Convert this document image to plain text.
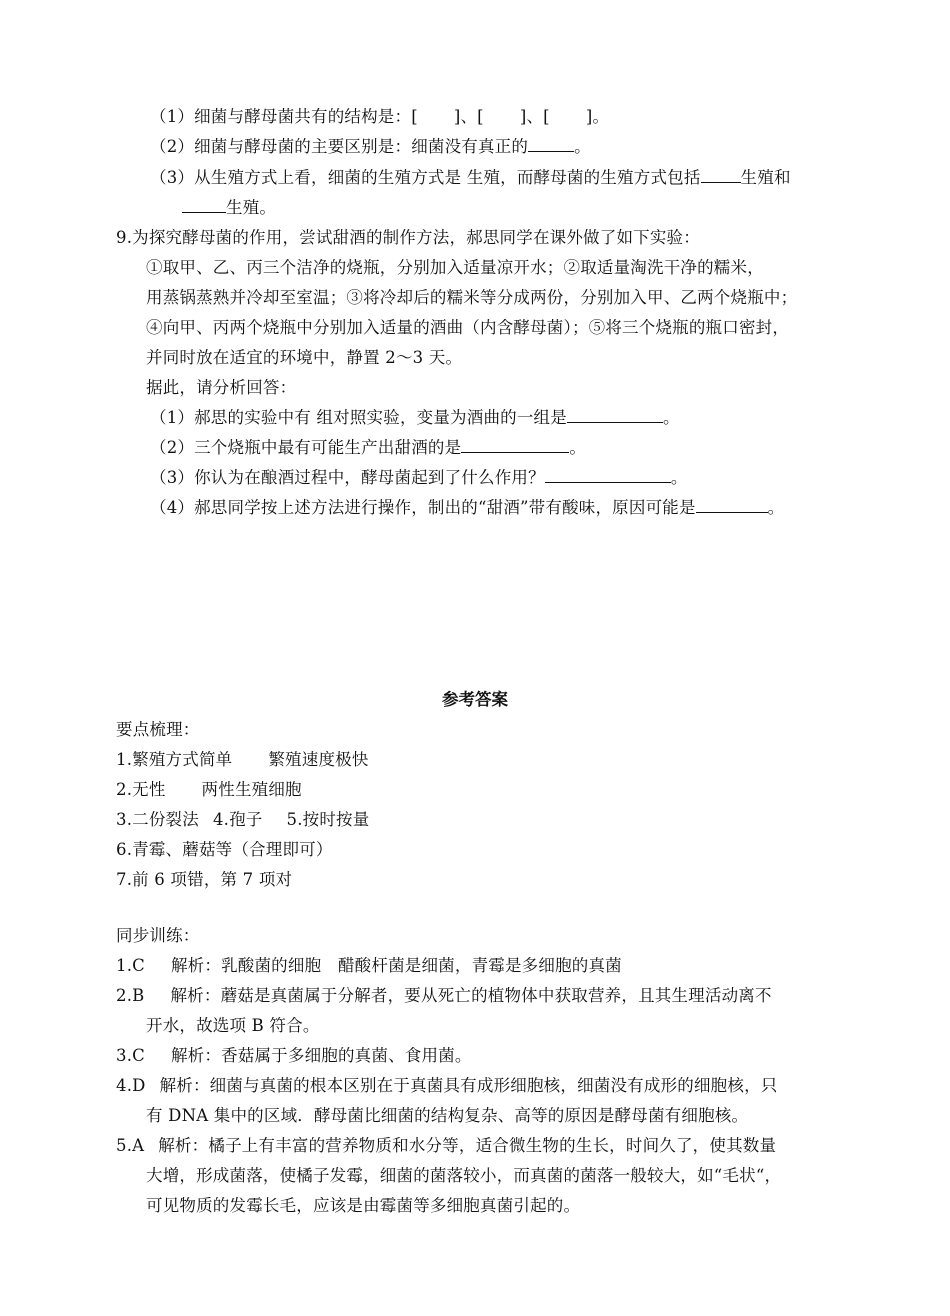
（1）细菌与酵母菌共有的结构是：[ ]、[ ]、[ ]。
（2）细菌与酵母菌的主要区别是：细菌没有真正的	。
（3）从生殖方式上看，细菌的生殖方式是 生殖，而酵母菌的生殖方式包括 生殖和
生殖。
9.为探究酵母菌的作用，尝试甜酒的制作方法，郝思同学在课外做了如下实验：
①取甲、乙、丙三个洁净的烧瓶，分别加入适量凉开水；②取适量淘洗干净的糯米，
用蒸锅蒸熟并冷却至室温；③将冷却后的糯米等分成两份，分别加入甲、乙两个烧瓶中；
④向甲、丙两个烧瓶中分别加入适量的酒曲（内含酵母菌）；⑤将三个烧瓶的瓶口密封，
并同时放在适宜的环境中，静置 2～3 天。
据此，请分析回答：
（1）郝思的实验中有 组对照实验，变量为酒曲的一组是	。
（2）三个烧瓶中最有可能生产出甜酒的是	。
（3）你认为在酿酒过程中，酵母菌起到了什么作用？	。
（4）郝思同学按上述方法进行操作，制出的“甜酒”带有酸味，原因可能是	。
参考答案
要点梳理：
1.繁殖方式简单 繁殖速度极快
2.无性 两性生殖细胞
3.二份裂法 4.孢子 5.按时按量
6.青霉、蘑菇等（合理即可）
7.前 6 项错，第 7 项对
同步训练：
1.C 解析：乳酸菌的细胞　醋酸杆菌是细菌，青霉是多细胞的真菌
2.B 解析：蘑菇是真菌属于分解者，要从死亡的植物体中获取营养，且其生理活动离不
开水，故选项 B 符合。
3.C 解析：香菇属于多细胞的真菌、食用菌。
4.D 解析：细菌与真菌的根本区别在于真菌具有成形细胞核，细菌没有成形的细胞核，只
有 DNA 集中的区域．酵母菌比细菌的结构复杂、高等的原因是酵母菌有细胞核。
5.A 解析：橘子上有丰富的营养物质和水分等，适合微生物的生长，时间久了，使其数量
大增，形成菌落，使橘子发霉，细菌的菌落较小，而真菌的菌落一般较大，如“毛状“，
可见物质的发霉长毛，应该是由霉菌等多细胞真菌引起的。
